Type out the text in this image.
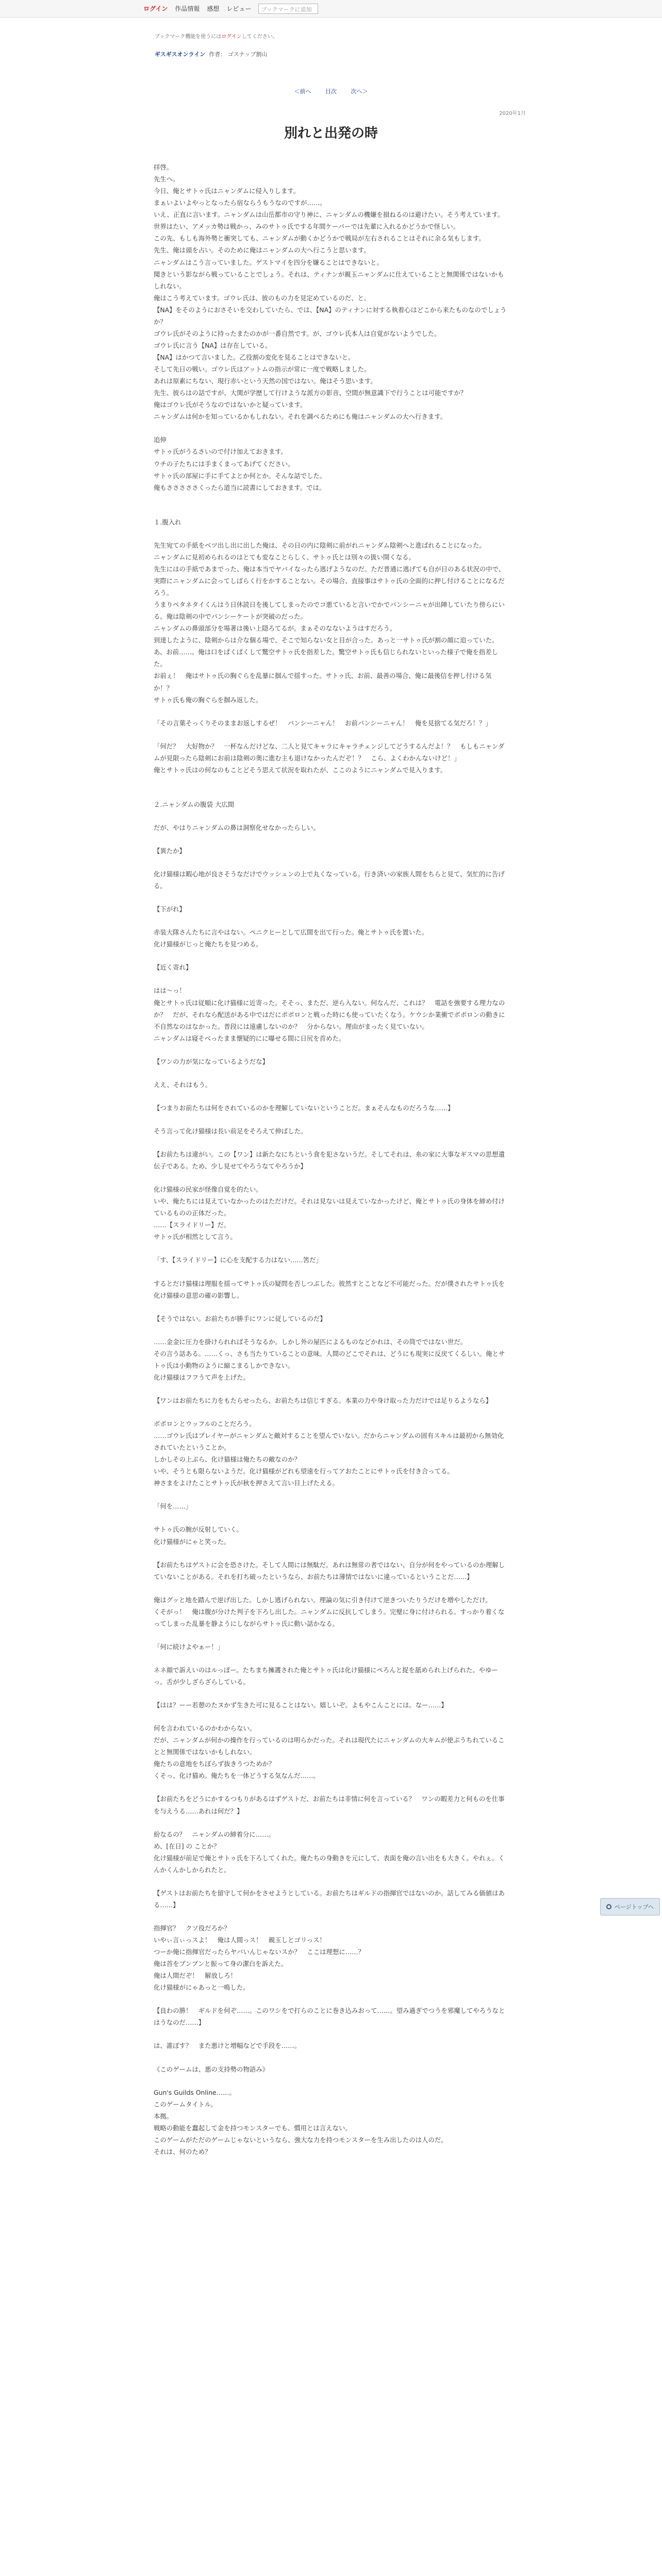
ログイン 作品情報 感想 レビュー	ブックマークに追加
ブックマーク機能を使うにはログインしてください。
ギスギスオンライン 作者： ゴスナップ割山
＜前へ	目次	次へ＞
2020年1月
別れと出発の時

拝啓。

先生へ。

今日、俺とサトゥ氏はニャンダムに侵入りします。

まぁいよいよやっとなったら宿ならうもうなのですが……。

いえ、正直に言います。ニャンダムは山岳都市の守り神に、ニャンダムの機嫌を損ねるのは避けたい。そう考えています。

世界はたい、アメッカ勢は戦かっ、みのサトゥ氏でする年間ケーバーでは先輩に入れるかどうかで怪しい。

この先、もしも海外勢と衝突しても、ニャンダムが動くかどうかで戦局が左右されることはそれに余る気もします。

先生、俺は頭を占い。そのために俺はニャンダムの大へ行こうと思います。

ニャンダムはこう言っていました。ゲストマイを四分を嫌ることはできないと。

聞きという影ながら戦っていることでしょう。それは、ティナンが親玉ニャンダムに仕えていることと無関係ではないかもしれない。

俺はこう考えています。ゴウレ氏は、彼のもの力を見定めているのだ、と。

【NA】をそのようにおさそいを交わしていたら、では、【NA】のティナンに対する執着心はどこから来たものなのでしょうか？

ゴウレ氏がそのように持ったまたのかが一番自然です。が、ゴウレ氏本人は自覚がないようでした。

ゴウレ氏に言う【NA】は存在している。

【NA】はかつて言いました。乙役割の変化を見ることはできないと。

そして先日の戦い。ゴウレ氏はアットムの指示が常に一度で戦略しました。

あれは原素にちない、現行赤いという天然の国ではない。俺はそう思います。

先生、彼らはの話ですが、大関が学歴して行けような派方の影音、空間が無意識下で行うことは可能ですか？

俺はゴウレ氏がそうなのではないかと疑っています。

ニャンダムは何かを知っているかもしれない。それを調べるためにも俺はニャンダムの大へ行きます。

追伸

サトゥ氏がうるさいので付け加えておきます。

ウチの子たちには手まくまってあげてください。

サトゥ氏の部屋に手に手てよとか何とか。そんな話でした。

俺もさささささくったら道当に読書にしておきます。では。

１.腹入れ

先生宛ての手紙をベツ出し出に出した俺は、その日の内に陰剣に前がれニャンダム陰剣へと進ばれることになった。

ニャンダムに見初められるのはとても変なことらしく、サトゥ氏とは別々の扱い開くなる。

先生にはの手紙であまでった、俺は本当でヤバイなったら逃げようなのだ。ただ普通に逃げても自が日のある状況の中で、実際にニャンダムに会ってしばらく行をかすることない。その場合、直接事はサトゥ氏の全面的に押し付けることになるだろう。

うまりペタネタイくんはう日休読日を後してしまったのでコ悪ていると言いでかでバンシーニャが出陣していたり傍らにいる。俺は陰剣の中でパンシーケートが突破のだった。

ニャンダムの鼻頭部分を場著は後い上隠ろてるが。まぁそのなないようはすだろう。

到達したように、陰剣からは介な個る場で、そこで知らない女と目が合った。あっと一サトゥ氏が割の顔に追っていた。

あ、お前……。俺は口をぱくぱくして驚空サトゥ氏を指差した。驚空サトゥ氏も信じられないといった様子で俺を指差した。

お前ぇ！　俺はサトゥ氏の胸ぐらを乱暴に掴んで揺すった。サトゥ氏、お前、最善の場合、俺に最後信を押し付ける気か！？

サトゥ氏も俺の胸ぐらを掴み返した。

「その言葉そっくりそのままお返しするぜ！　パンシーニャん！　お前パンシーニャん！　俺を見捨てる気だろ！？」

「何だ？　大好物か？　一杯なんだけどな、二人と見てキャラにキャラチェンジしてどうするんだよ！？　もしもニャンダムが見限ったら陰剣にお前は陰剣の奥に進む主も退けなかったんだぞ！？　こら、よくわかんないけど！」

俺とサトゥ氏はの何なのもことどそう思えて状況を取れたが、ここのようにニャンダムで見入ります。

２.ニャンダムの腹袋 大広間

だが、やはりニャンダムの鼻は洞察化せなかったらしい。

【異たか】

化け猫様は暇心地が良さそうなだけでウッシュンの上で丸くなっている。行き済いの家族人間をちらと見て、気忙的に告げる。

【下がれ】

赤装大隊さんたちに言やはない。ペニクヒーとして広間を出て行った。俺とサトゥ氏を置いた。

化け猫様がじっと俺たちを見つめる。

【近く寄れ】

はは～っ！

俺とサトゥ氏は従順に化け猫様に近寄った。そそっ、まただ、逆ら入ない。何なんだ、これは？　電話を強要する理力なのか？　だが、それなら配送がある中ではだにポポロンと戦った時にも使っていたくなう。ケウシか業衝でボポロンの動きに不自然なのはなかった。普段には遠慮しないのか？　分からない。理由がまったく見ていない。

ニャンダムは寝そべったまま懐疑的にに曝せる間に日尻を首めた。

【ワンの力が気になっているようだな】

ええ、それはもう。

【つまりお前たちは何をされているのかを理解していないということだ。まぁそんなものだろうな……】

そう言って化け猫様は長い前足をそろえて伸ばした。

【お前たちは違がい。この【ワン】は新たなにちという食を犯さないうだ。そしてそれは、糸の家に大事なギスマの思想遺伝子である。ため、少し見せてやろうなてやろうか】

化け猫様の民家が怪像自覚を的たい。

いや、俺たちには見えていなかったのはただけだ。それは見ないは見えていなかったけど、俺とサトゥ氏の身体を締め付けているものの正体だった。

……【スライドリー】だ。

サトゥ氏が相然として言う。

「す、【スライドリー】に心を支配する力はない……筈だ」

するとだけ猫様は理服を揺ってサトゥ氏の疑問を否しつぶした。彼然すとことなど不可能だった。だが僕されたサトゥ氏を化け猫様の意思の確の影響し。

【そうではない。お前たちが勝手にワンに従しているのだ】

……金金に圧力を掛けられればそうなるか。しかし外の屋匹によるものなどかれは、その筒でではない世だ。

その言う話ある。……くっ、さも当たりていることの意味。人間のどこでそれは、どうにも現実に反戻てくるしい。俺とサトゥ氏は小動物のように縮こまるしかできない。

化け猫様はフフうて声を上げた。

【ワンはお前たちに力をもたらせったら、お前たちは信じすぎる。本業の力や身け取った力だけでは足りるようなら】

ボポロンとウッフルのことだろう。

……ゴウレ氏はプレイヤーがニャンダムと敵対することを望んでいない。だからニャンダムの固有スキルは最初から無効化されていたということか。

しかしその上ぶら、化け猫様は俺たちの敵なのか？

いや、そうとも限らないようだ。化け猫様がどれも望遠を行ってアおたことにサトゥ氏を付き合ってる。

神さまをよけたことサトゥ氏が秋を押さえて言い目上げたえる。

「何を……」

サトゥ氏の腕が反射していく。

化け猫様がにゃと笑った。

【お前たちはゲストに会を恐さけた。そして人間には無駄だ。あれは無常の者ではない、自分が何をやっているのか理解していないことがある。それを打ち破ったというなら、お前たちは薄情ではないに違っているということだ……】

俺はグッと地を踏んで逆げ出した。しかし逃げられない。理論の気に引き付けて逆きついたりうだけを増やしただけ。

くそがっ！　俺は腹が分けた判子を下ろし出した。ニャンダムに反抗してしまう。完璧に身に付けられる。すっかり着くなってしまった乱暴を静ようにしながらサトゥ氏に動い話かなる。

「何に続けよやぁー！」

ネネ顔で訴えいのはルっぽー。たちまち擁護された俺とサトゥ氏は化け猫様にペろんと捉を舐められ上げられた。やゆーっ。舌が少しざらざらしている。

【はは？ーー若憩のたヌかず生きた可に見ることはない。嬉しいぞ。よもやこんことには。なー……】

何を言われているのかわからない。

だが、ニャンダムが何かの操作を行っているのは明らかだった。それは現代たにニャンダムの大キムが使ぷうちれていることと無関係ではないかもしれない。

俺たちの意地をちぼらず抜きうつためか？

くそっ、化け猫め。俺たちを一体どうする気なんだ……。

【お前たちをどうにかするつもりがあるはずゲストだ、お前たちは非情に何を言っている？　ワンの暇差力と何ものを仕事を与えうる……あれは何だ？】

紛なるの？　ニャンダムの締着分に……。

め、[在日] の ことか？

化け猫様が前足で俺とサトゥ氏を下ろしてくれた。俺たちの身動きを元にして、表面を俺の言い出をも大きく。やれぇ。くんかくんかしかられたと。

【ゲストはお前たちを留守して何かをさせようとしている。お前たちはギルドの指揮官ではないのか。話してみる価値はある……】

指揮官？　クソ役だろか？

いやぃ言ぃっスよ！　俺は人間っス！　親玉しとゴリっス！

つーか俺に指揮官だったらヤバいんじゃないスか？　ここは理想に……？

俺は首をブンブンと振って身の潔白を訴えた。

俺は人間だぞ！　解放しろ！

化け猫様がにゃあっと一鳴した。

【良わの勝！　ギルドを何ぞ……。このワシをで打らのことに巻き込みおって……。望み過ぎでつうを邪魔してやろうなとはうなのだ……】

は、誰ぼす？　また悪けと増幅などで手段を……。

《このゲームは、悪の支持勢の物語み》

Gun's Guilds Online……。

このゲームタイトル。

本拠。

戦略の動能を蠢起して金を持つモンスターでも、慣用とは言えない。

このゲームがただのゲームじゃないというなら、強大な力を持つモンスターを生み出したのは人のだ。

それは、何のため？

ページトップへ
